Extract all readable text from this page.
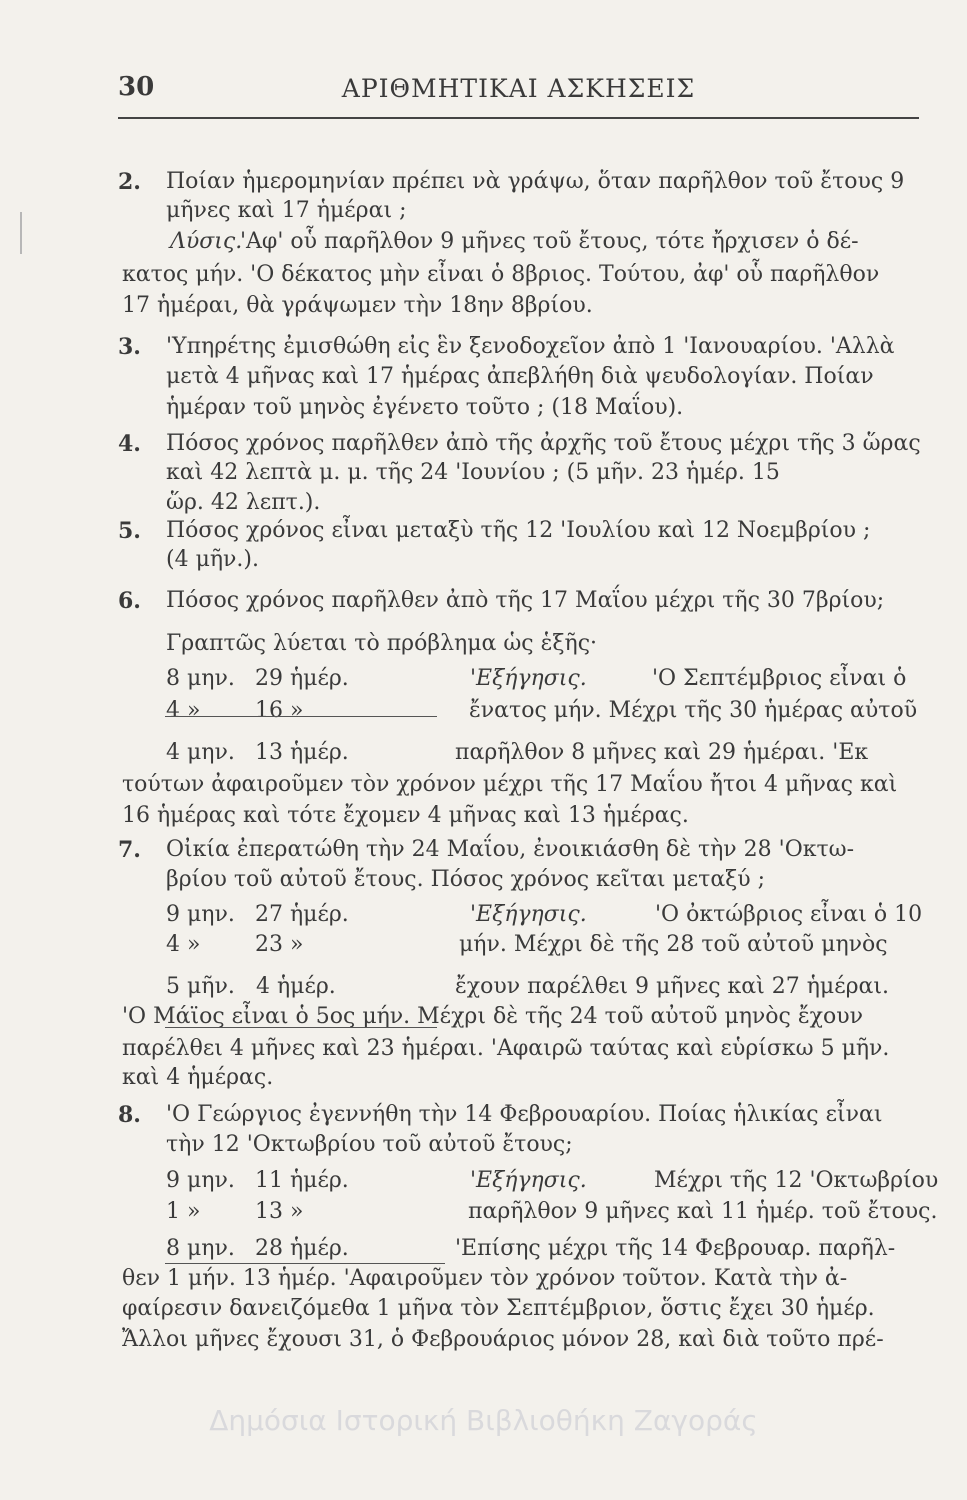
30	ΑΡΙΘΜΗΤΙΚΑΙ ΑΣΚΗΣΕΙΣ
2. Ποίαν ἡμερομηνίαν πρέπει νὰ γράψω, ὅταν παρῆλθον τοῦ ἔτους 9
μῆνες καὶ 17 ἡμέραι ;
Λύσις.
'Αφ' οὗ παρῆλθον 9 μῆνες τοῦ ἔτους, τότε ἤρχισεν ὁ δέ-
κατος μήν. 'Ο δέκατος μὴν εἶναι ὁ 8βριος. Τούτου, ἀφ' οὗ παρῆλθον
17 ἡμέραι, θὰ γράψωμεν τὴν 18ην 8βρίου.
3. 'Υπηρέτης ἐμισθώθη εἰς ἓν ξενοδοχεῖον ἀπὸ 1 'Ιανουαρίου. 'Αλλὰ
μετὰ 4 μῆνας καὶ 17 ἡμέρας ἀπεβλήθη διὰ ψευδολογίαν. Ποίαν
ἡμέραν τοῦ μηνὸς ἐγένετο τοῦτο ; (18 Μαΐου).
4. Πόσος χρόνος παρῆλθεν ἀπὸ τῆς ἀρχῆς τοῦ ἔτους μέχρι τῆς 3 ὥρας
καὶ 42 λεπτὰ μ. μ. τῆς 24 'Ιουνίου ; (5 μῆν. 23 ἡμέρ. 15
ὥρ. 42 λεπτ.).
5. Πόσος χρόνος εἶναι μεταξὺ τῆς 12 'Ιουλίου καὶ 12 Νοεμβρίου ;
(4 μῆν.).
6. Πόσος χρόνος παρῆλθεν ἀπὸ τῆς 17 Μαΐου μέχρι τῆς 30 7βρίου;
Γραπτῶς λύεται τὸ πρόβλημα ὡς ἑξῆς·
8 μην. 29 ἡμέρ.	'Εξήγησις.	'Ο Σεπτέμβριος εἶναι ὁ
4 » 16 »	ἔνατος μήν. Μέχρι τῆς 30 ἡμέρας αὐτοῦ
4 μην. 13 ἡμέρ.	παρῆλθον 8 μῆνες καὶ 29 ἡμέραι. 'Εκ
τούτων ἀφαιροῦμεν τὸν χρόνον μέχρι τῆς 17 Μαΐου ἤτοι 4 μῆνας καὶ
16 ἡμέρας καὶ τότε ἔχομεν 4 μῆνας καὶ 13 ἡμέρας.
7. Οἰκία ἐπερατώθη τὴν 24 Μαΐου, ἐνοικιάσθη δὲ τὴν 28 'Οκτω-
βρίου τοῦ αὐτοῦ ἔτους. Πόσος χρόνος κεῖται μεταξύ ;
9 μην. 27 ἡμέρ.	'Εξήγησις.	'Ο ὀκτώβριος εἶναι ὁ 10
4 » 23 »	μήν. Μέχρι δὲ τῆς 28 τοῦ αὐτοῦ μηνὸς
5 μῆν. 4 ἡμέρ.	ἔχουν παρέλθει 9 μῆνες καὶ 27 ἡμέραι.
'Ο Μάϊος εἶναι ὁ 5ος μήν. Μέχρι δὲ τῆς 24 τοῦ αὐτοῦ μηνὸς ἔχουν
παρέλθει 4 μῆνες καὶ 23 ἡμέραι. 'Αφαιρῶ ταύτας καὶ εὑρίσκω 5 μῆν.
καὶ 4 ἡμέρας.
8. 'Ο Γεώργιος ἐγεννήθη τὴν 14 Φεβρουαρίου. Ποίας ἡλικίας εἶναι
τὴν 12 'Οκτωβρίου τοῦ αὐτοῦ ἔτους;
9 μην. 11 ἡμέρ.	'Εξήγησις.	Μέχρι τῆς 12 'Οκτωβρίου
1 » 13 »	παρῆλθον 9 μῆνες καὶ 11 ἡμέρ. τοῦ ἔτους.
8 μην. 28 ἡμέρ.	'Επίσης μέχρι τῆς 14 Φεβρουαρ. παρῆλ-
θεν 1 μήν. 13 ἡμέρ. 'Αφαιροῦμεν τὸν χρόνον τοῦτον. Κατὰ τὴν ἀ-
φαίρεσιν δανειζόμεθα 1 μῆνα τὸν Σεπτέμβριον, ὅστις ἔχει 30 ἡμέρ.
Ἄλλοι μῆνες ἔχουσι 31, ὁ Φεβρουάριος μόνον 28, καὶ διὰ τοῦτο πρέ-
Δημόσια Ιστορική Βιβλιοθήκη Ζαγοράς
